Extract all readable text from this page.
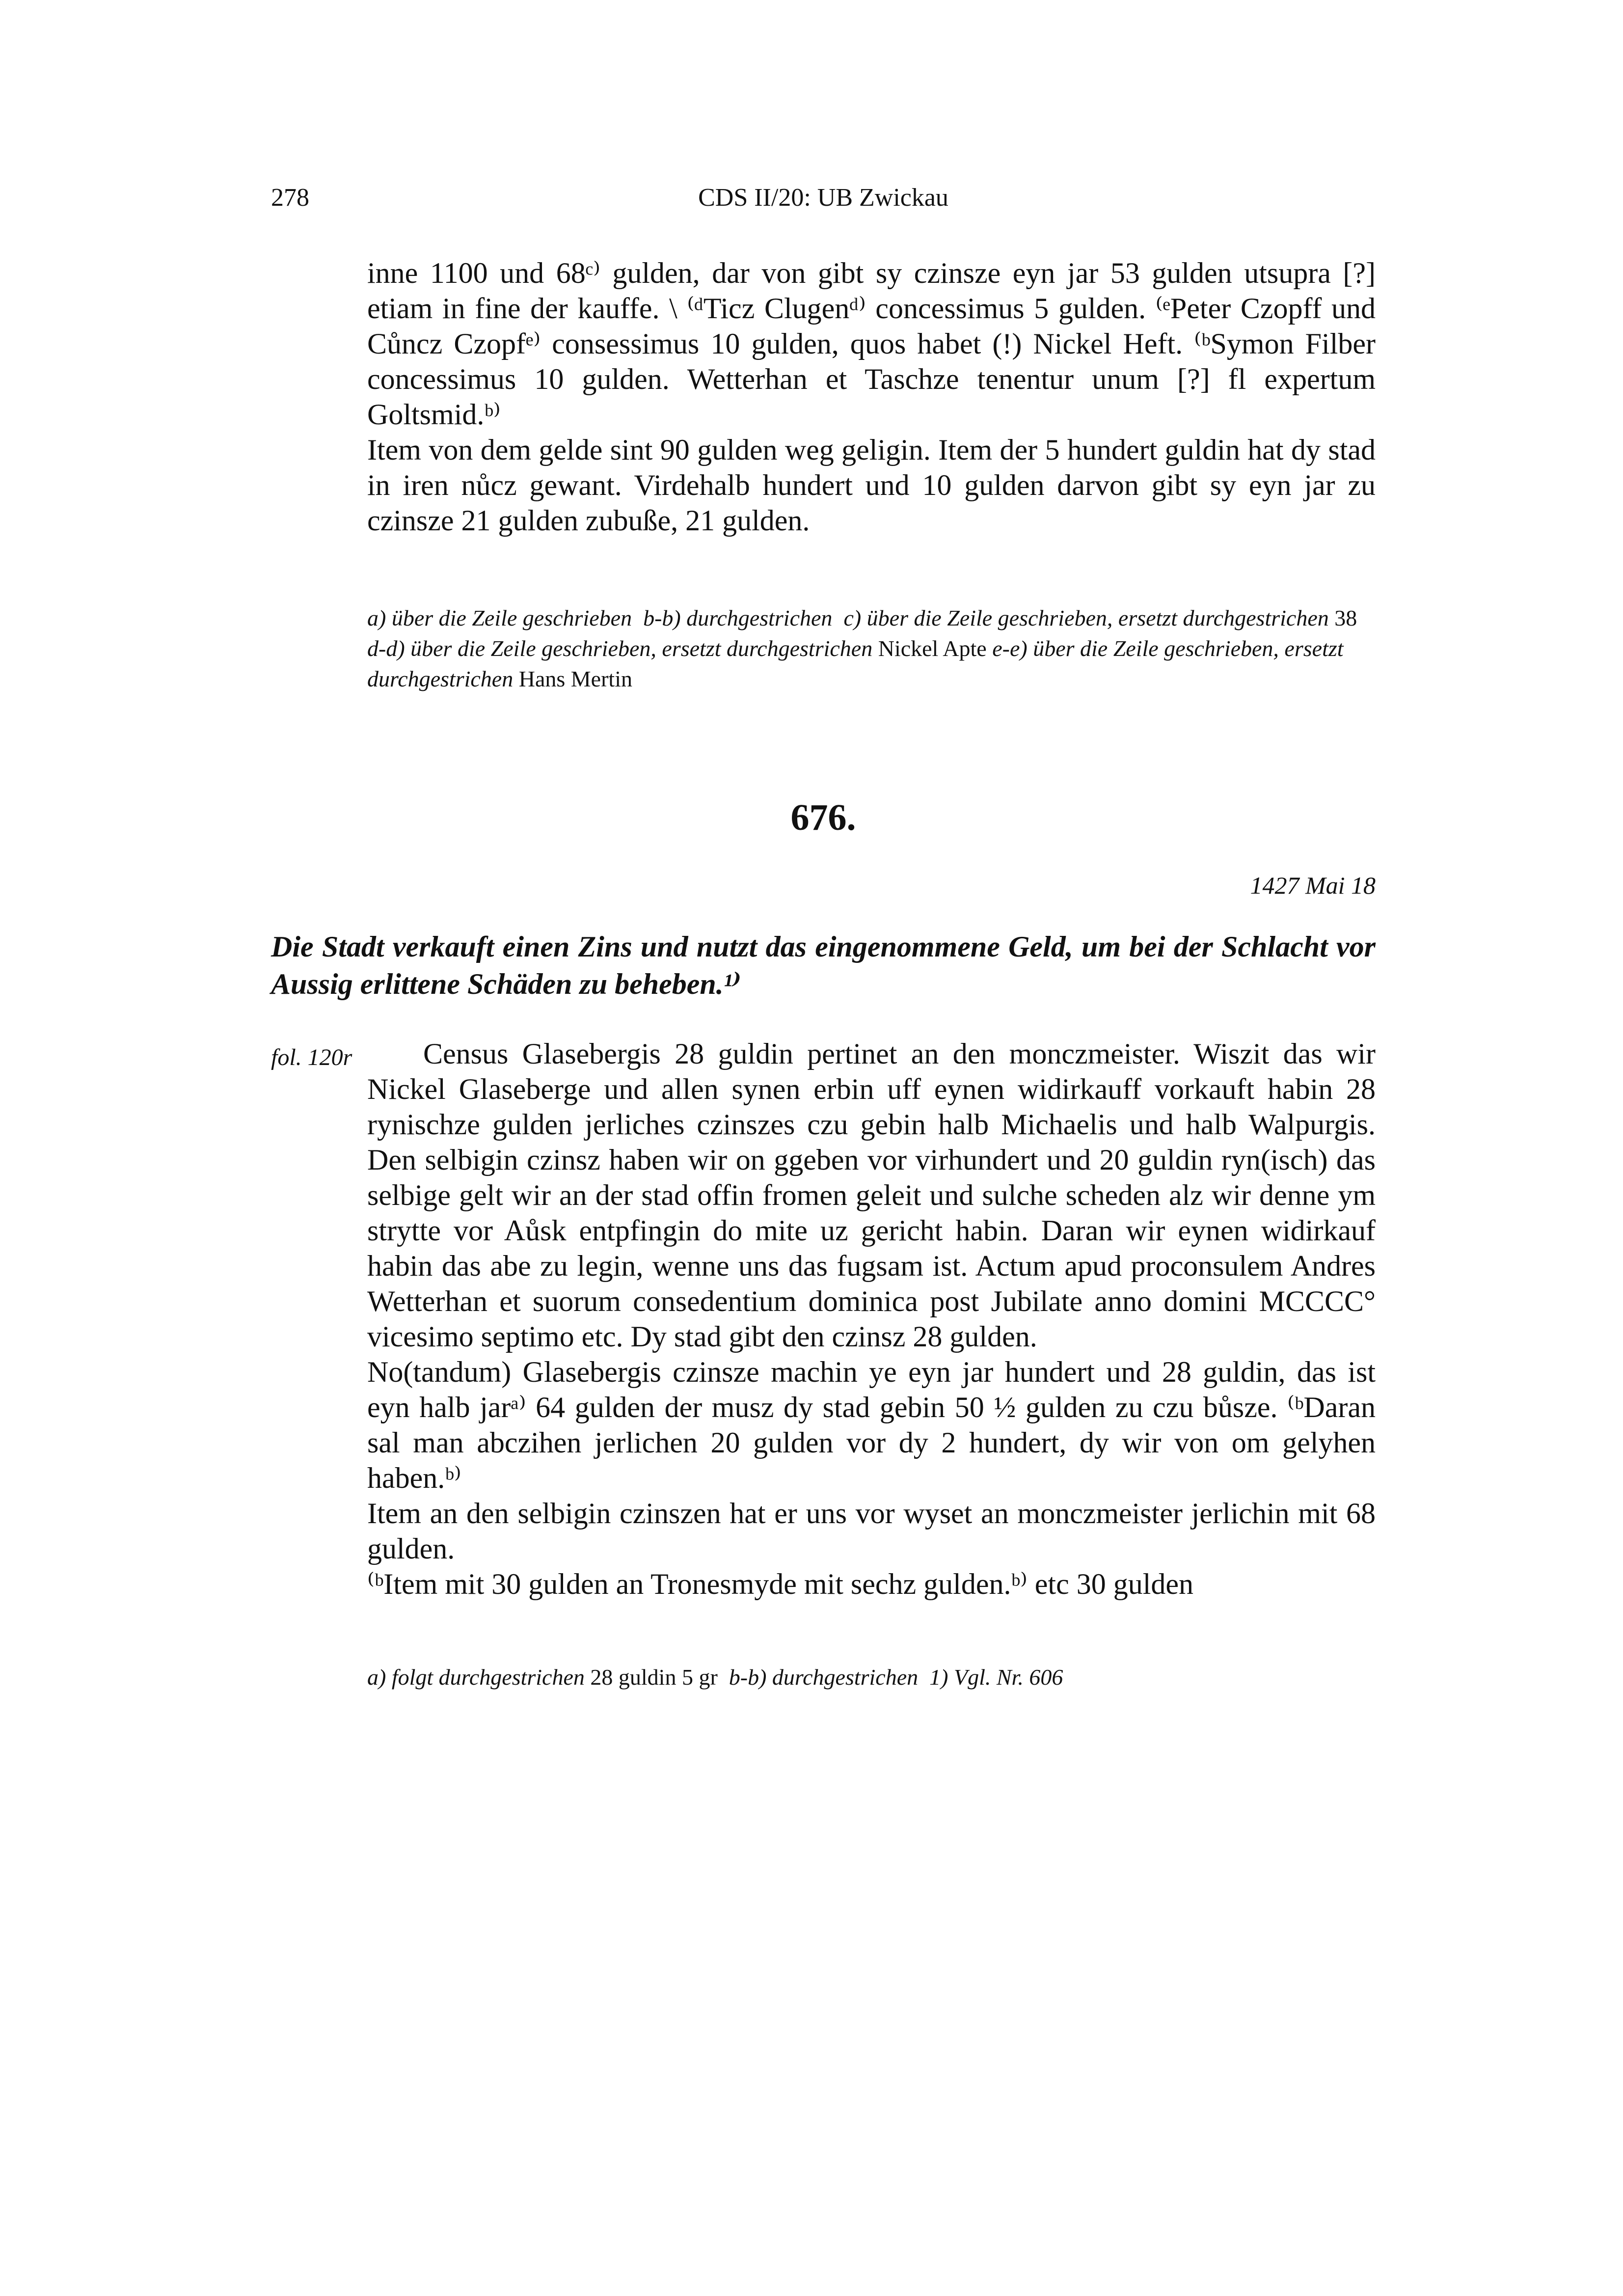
278	CDS II/20: UB Zwickau

inne 1100 und 68ᶜ⁾ gulden, dar von gibt sy czinsze eyn jar 53 gulden utsupra [?] etiam in fine der kauffe. \ ⁽ᵈTicz Clugenᵈ⁾ concessimus 5 gulden. ⁽ᵉPeter Czopff und Cůncz Czopfᵉ⁾ consessimus 10 gulden, quos habet (!) Nickel Heft. ⁽ᵇSymon Filber concessimus 10 gulden. Wetterhan et Taschze tenentur unum [?] fl expertum Goltsmid.ᵇ⁾

Item von dem gelde sint 90 gulden weg geligin. Item der 5 hundert guldin hat dy stad in iren nůcz gewant. Virdehalb hundert und 10 gulden darvon gibt sy eyn jar zu czinsze 21 gulden zubuße, 21 gulden.

a) über die Zeile geschrieben b-b) durchgestrichen c) über die Zeile geschrieben, ersetzt durchgestrichen 38  d-d) über die Zeile geschrieben, ersetzt durchgestrichen Nickel Apte e-e) über die Zeile geschrieben, ersetzt durchgestrichen Hans Mertin

676.
1427 Mai 18

Die Stadt verkauft einen Zins und nutzt das eingenommene Geld, um bei der Schlacht vor Aussig erlittene Schäden zu beheben.¹⁾

fol. 120r	Census Glasebergis 28 guldin pertinet an den monczmeister. Wiszit das wir Nickel Glaseberge und allen synen erbin uff eynen widirkauff vorkauft habin 28 rynischze gulden jerliches czinszes czu gebin halb Michaelis und halb Walpurgis. Den selbigin czinsz haben wir on ggeben vor virhundert und 20 guldin ryn(isch) das selbige gelt wir an der stad offin fromen geleit und sulche scheden alz wir denne ym strytte vor Aůsk entpfingin do mite uz gericht habin. Daran wir eynen widirkauf habin das abe zu legin, wenne uns das fugsam ist. Actum apud proconsulem Andres Wetterhan et suorum consedentium dominica post Jubilate anno domini MCCCC° vicesimo septimo etc. Dy stad gibt den czinsz 28 gulden.

No(tandum) Glasebergis czinsze machin ye eyn jar hundert und 28 guldin, das ist eyn halb jarᵃ⁾ 64 gulden der musz dy stad gebin 50 ½ gulden zu czu bůsze. ⁽ᵇDaran sal man abczihen jerlichen 20 gulden vor dy 2 hundert, dy wir von om gelyhen haben.ᵇ⁾

Item an den selbigin czinszen hat er uns vor wyset an monczmeister jerlichin mit 68 gulden.

⁽ᵇItem mit 30 gulden an Tronesmyde mit sechz gulden.ᵇ⁾ etc 30 gulden

a) folgt durchgestrichen 28 guldin 5 gr b-b) durchgestrichen 1) Vgl. Nr. 606
